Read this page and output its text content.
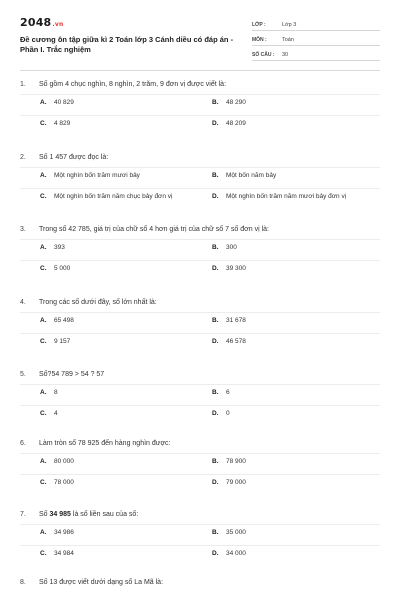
2048.vn
Đề cương ôn tập giữa kì 2 Toán lớp 3 Cánh diều có đáp án - Phần I. Trắc nghiệm
LỚP :	Lớp 3
MÔN :	Toán
SỐ CÂU :	30
1.	Số gồm 4 chục nghìn, 8 nghìn, 2 trăm, 9 đơn vị được viết là:
A. 40 829	B. 48 290
C. 4 829	D. 48 209
2.	Số 1 457 được đọc là:
A. Một nghìn bốn trăm mươi bảy	B. Một bốn năm bảy
C. Một nghìn bốn trăm năm chục bảy đơn vị	D. Một nghìn bốn trăm năm mươi bảy đơn vị
3.	Trong số 42 785, giá trị của chữ số 4 hơn giá trị của chữ số 7 số đơn vị là:
A. 393	B. 300
C. 5 000	D. 39 300
4.	Trong các số dưới đây, số lớn nhất là:
A. 65 498	B. 31 678
C. 9 157	D. 46 578
5.	Số?54 789 > 54 ? 57
A. 8	B. 6
C. 4	D. 0
6.	Làm tròn số 78 925 đến hàng nghìn được:
A. 80 000	B. 78 900
C. 78 000	D. 79 000
7.	Số 34 985 là số liền sau của số:
A. 34 986	B. 35 000
C. 34 984	D. 34 000
8.	Số 13 được viết dưới dạng số La Mã là:
